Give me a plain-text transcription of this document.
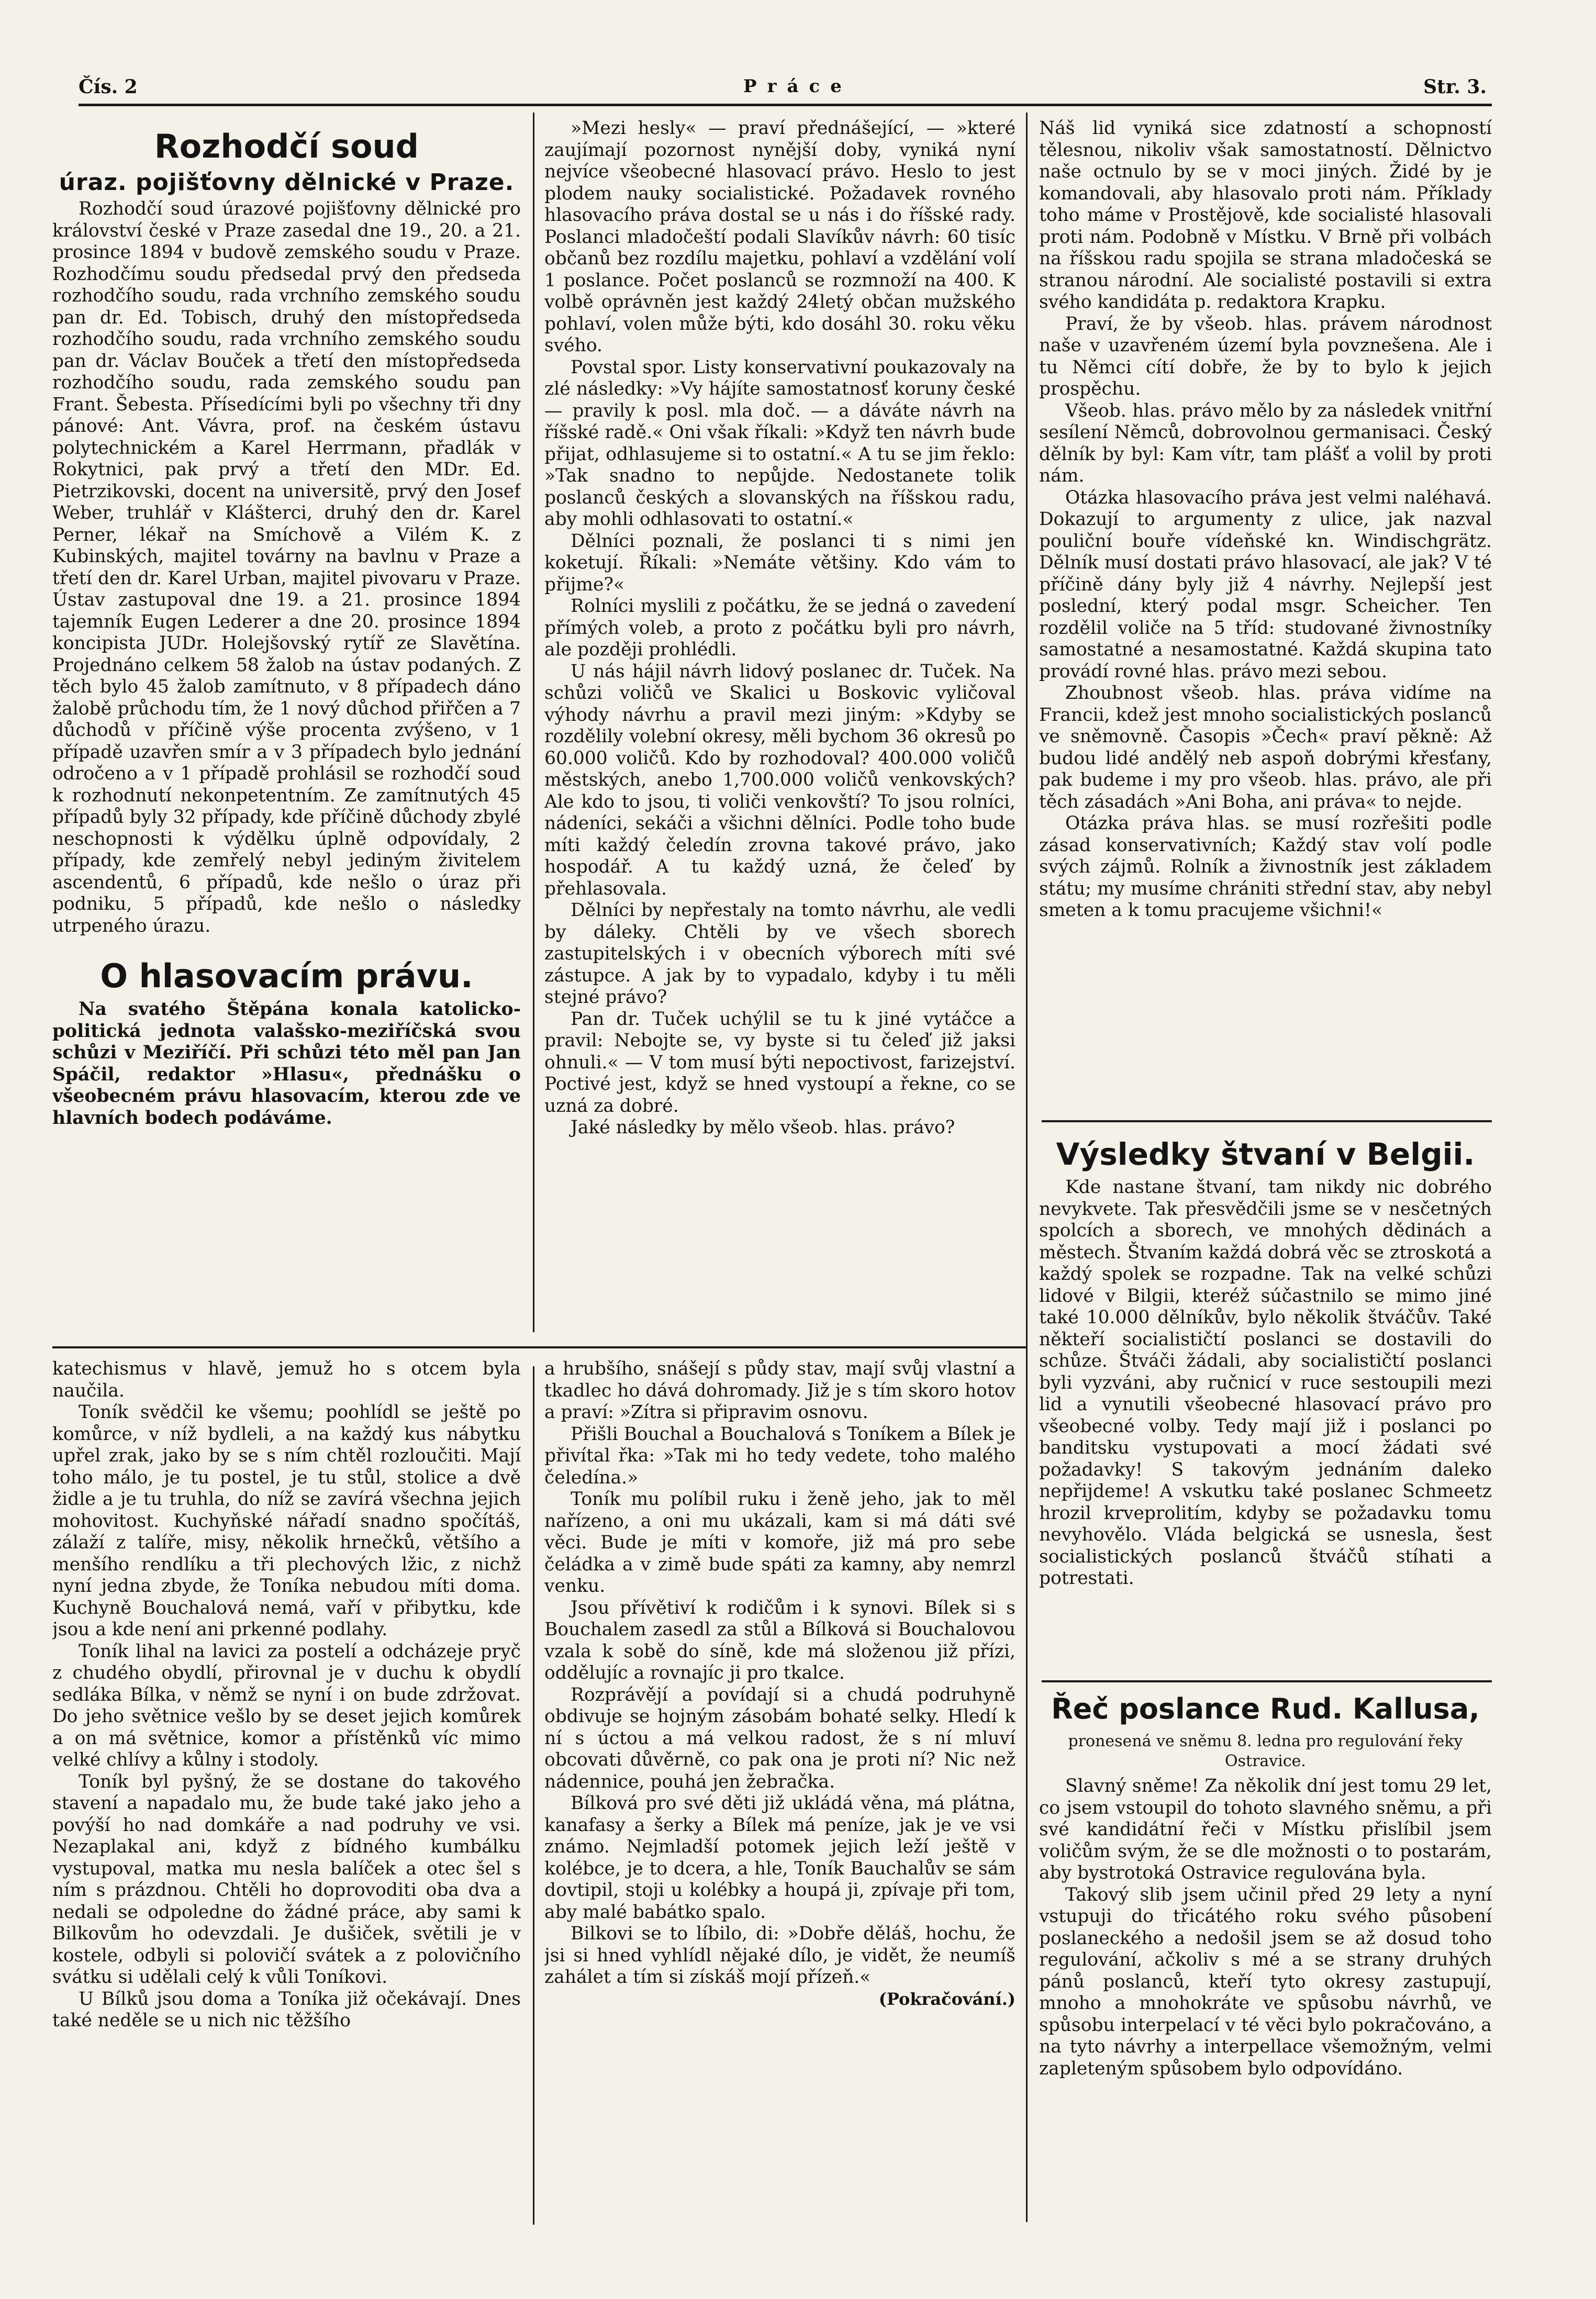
Čís. 2	Práce	Str. 3.
Rozhodčí soud
úraz. pojišťovny dělnické v Praze.

Rozhodčí soud úrazové pojišťovny dělnické pro království české v Praze zasedal dne 19., 20. a 21. prosince 1894 v budově zemského soudu v Praze. Rozhodčímu soudu předsedal prvý den předseda rozhodčího soudu, rada vrchního zemského soudu pan dr. Ed. Tobisch, druhý den místopředseda rozhodčího soudu, rada vrchního zemského soudu pan dr. Václav Bouček a třetí den místopředseda rozhodčího soudu, rada zemského soudu pan Frant. Šebesta. Přísedícími byli po všechny tři dny pánové: Ant. Vávra, prof. na českém ústavu polytechnickém a Karel Herrmann, přadlák v Rokytnici, pak prvý a třetí den MDr. Ed. Pietrzikovski, docent na universitě, prvý den Josef Weber, truhlář v Klášterci, druhý den dr. Karel Perner, lékař na Smíchově a Vilém K. z Kubinských, majitel továrny na bavlnu v Praze a třetí den dr. Karel Urban, majitel pivovaru v Praze. Ústav zastupoval dne 19. a 21. prosince 1894 tajemník Eugen Lederer a dne 20. prosince 1894 koncipista JUDr. Holejšovský rytíř ze Slavětína. Projednáno celkem 58 žalob na ústav podaných. Z těch bylo 45 žalob zamítnuto, v 8 případech dáno žalobě průchodu tím, že 1 nový důchod přiřčen a 7 důchodů v příčině výše procenta zvýšeno, v 1 případě uzavřen smír a v 3 případech bylo jednání odročeno a v 1 případě prohlásil se rozhodčí soud k rozhodnutí nekonpetentním. Ze zamítnutých 45 případů byly 32 případy, kde příčině důchody zbylé neschopnosti k výdělku úplně odpovídaly, 2 případy, kde zemřelý nebyl jediným živitelem ascendentů, 6 případů, kde nešlo o úraz při podniku, 5 případů, kde nešlo o následky utrpeného úrazu.

O hlasovacím právu.

Na svatého Štěpána konala katolicko-politická jednota valašsko-meziříčská svou schůzi v Meziříčí. Při schůzi této měl pan Jan Spáčil, redaktor »Hlasu«, přednášku o všeobecném právu hlasovacím, kterou zde ve hlavních bodech podáváme.

»Mezi hesly« — praví přednášející, — »které zaujímají pozornost nynější doby, vyniká nyní nejvíce všeobecné hlasovací právo. Heslo to jest plodem nauky socialistické. Požadavek rovného hlasovacího práva dostal se u nás i do říšské rady. Poslanci mladočeští podali Slavíkův návrh: 60 tisíc občanů bez rozdílu majetku, pohlaví a vzdělání volí 1 poslance. Počet poslanců se rozmnoží na 400. K volbě oprávněn jest každý 24letý občan mužského pohlaví, volen může býti, kdo dosáhl 30. roku věku svého.

Povstal spor. Listy konservativní poukazovaly na zlé následky: »Vy hájíte samostatnosť koruny české — pravily k posl. mla doč. — a dáváte návrh na říšské radě.« Oni však říkali: »Když ten návrh bude přijat, odhlasujeme si to ostatní.« A tu se jim řeklo: »Tak snadno to nepůjde. Nedostanete tolik poslanců českých a slovanských na říšskou radu, aby mohli odhlasovati to ostatní.«

Dělníci poznali, že poslanci ti s nimi jen koketují. Říkali: »Nemáte většiny. Kdo vám to přijme?«

Rolníci myslili z počátku, že se jedná o zavedení přímých voleb, a proto z počátku byli pro návrh, ale později prohlédli.

U nás hájil návrh lidový poslanec dr. Tuček. Na schůzi voličů ve Skalici u Boskovic vyličoval výhody návrhu a pravil mezi jiným: »Kdyby se rozdělily volební okresy, měli bychom 36 okresů po 60.000 voličů. Kdo by rozhodoval? 400.000 voličů městských, anebo 1,700.000 voličů venkovských? Ale kdo to jsou, ti voliči venkovští? To jsou rolníci, nádeníci, sekáči a všichni dělníci. Podle toho bude míti každý čeledín zrovna takové právo, jako hospodář. A tu každý uzná, že čeleď by přehlasovala.

Dělníci by nepřestaly na tomto návrhu, ale vedli by dáleky. Chtěli by ve všech sborech zastupitelských i v obecních výborech míti své zástupce. A jak by to vypadalo, kdyby i tu měli stejné právo?

Pan dr. Tuček uchýlil se tu k jiné vytáčce a pravil: Nebojte se, vy byste si tu čeleď již jaksi ohnuli.« — V tom musí býti nepoctivost, farizejství. Poctivé jest, když se hned vystoupí a řekne, co se uzná za dobré.

Jaké následky by mělo všeob. hlas. právo?

Náš lid vyniká sice zdatností a schopností tělesnou, nikoliv však samostatností. Dělnictvo naše octnulo by se v moci jiných. Židé by je komandovali, aby hlasovalo proti nám. Příklady toho máme v Prostějově, kde socialisté hlasovali proti nám. Podobně v Místku. V Brně při volbách na říšskou radu spojila se strana mladočeská se stranou národní. Ale socialisté postavili si extra svého kandidáta p. redaktora Krapku.

Praví, že by všeob. hlas. právem národnost naše v uzavřeném území byla povznešena. Ale i tu Němci cítí dobře, že by to bylo k jejich prospěchu.

Všeob. hlas. právo mělo by za následek vnitřní sesílení Němců, dobrovolnou germanisaci. Český dělník by byl: Kam vítr, tam plášť a volil by proti nám.

Otázka hlasovacího práva jest velmi naléhavá. Dokazují to argumenty z ulice, jak nazval pouliční bouře vídeňské kn. Windischgrätz. Dělník musí dostati právo hlasovací, ale jak? V té příčině dány byly již 4 návrhy. Nejlepší jest poslední, který podal msgr. Scheicher. Ten rozdělil voliče na 5 tříd: studované živnostníky samostatné a nesamostatné. Každá skupina tato provádí rovné hlas. právo mezi sebou.

Zhoubnost všeob. hlas. práva vidíme na Francii, kdež jest mnoho socialistických poslanců ve sněmovně. Časopis »Čech« praví pěkně: Až budou lidé andělý neb aspoň dobrými křesťany, pak budeme i my pro všeob. hlas. právo, ale při těch zásadách »Ani Boha, ani práva« to nejde.

Otázka práva hlas. se musí rozřešiti podle zásad konservativních; Každý stav volí podle svých zájmů. Rolník a živnostník jest základem státu; my musíme chrániti střední stav, aby nebyl smeten a k tomu pracujeme všichni!«

Výsledky štvaní v Belgii.

Kde nastane štvaní, tam nikdy nic dobrého nevykvete. Tak přesvědčili jsme se v nesčetných spolcích a sborech, ve mnohých dědinách a městech. Štvaním každá dobrá věc se ztroskotá a každý spolek se rozpadne. Tak na velké schůzi lidové v Bilgii, kteréž súčastnilo se mimo jiné také 10.000 dělníkův, bylo několik štváčův. Také někteří socialističtí poslanci se dostavili do schůze. Štváči žádali, aby socialističtí poslanci byli vyzváni, aby ručnicí v ruce sestoupili mezi lid a vynutili všeobecné hlasovací právo pro všeobecné volby. Tedy mají již i poslanci po banditsku vystupovati a mocí žádati své požadavky! S takovým jednáním daleko nepřijdeme! A vskutku také poslanec Schmeetz hrozil krveprolitím, kdyby se požadavku tomu nevyhovělo. Vláda belgická se usnesla, šest socialistických poslanců štváčů stíhati a potrestati.

katechismus v hlavě, jemuž ho s otcem byla naučila.

Toník svědčil ke všemu; poohlídl se ještě po komůrce, v níž bydleli, a na každý kus nábytku upřel zrak, jako by se s ním chtěl rozloučiti. Mají toho málo, je tu postel, je tu stůl, stolice a dvě židle a je tu truhla, do níž se zavírá všechna jejich mohovitost. Kuchyňské nářadí snadno spočítáš, zálaží z talíře, misy, několik hrnečků, většího a menšího rendlíku a tři plechových lžic, z nichž nyní jedna zbyde, že Toníka nebudou míti doma. Kuchyně Bouchalová nemá, vaří v přibytku, kde jsou a kde není ani prkenné podlahy.

Toník lihal na lavici za postelí a odcházeje pryč z chudého obydlí, přirovnal je v duchu k obydlí sedláka Bílka, v němž se nyní i on bude zdržovat. Do jeho světnice vešlo by se deset jejich komůrek a on má světnice, komor a přístěnků víc mimo velké chlívy a kůlny i stodoly.

Toník byl pyšný, že se dostane do takového stavení a napadalo mu, že bude také jako jeho a povýší ho nad domkáře a nad podruhy ve vsi. Nezaplakal ani, když z bídného kumbálku vystupoval, matka mu nesla balíček a otec šel s ním s prázdnou. Chtěli ho doprovoditi oba dva a nedali se odpoledne do žádné práce, aby sami k Bilkovům ho odevzdali. Je dušiček, světili je v kostele, odbyli si polovičí svátek a z polovičního svátku si udělali celý k vůli Toníkovi.

U Bílků jsou doma a Toníka již očekávají. Dnes také neděle se u nich nic těžšího

a hrubšího, snášejí s půdy stav, mají svůj vlastní a tkadlec ho dává dohromady. Již je s tím skoro hotov a praví: »Zítra si připravim osnovu.

Přišli Bouchal a Bouchalová s Toníkem a Bílek je přivítal řka: »Tak mi ho tedy vedete, toho malého čeledína.»

Toník mu políbil ruku i ženě jeho, jak to měl nařízeno, a oni mu ukázali, kam si má dáti své věci. Bude je míti v komoře, již má pro sebe čeládka a v zimě bude spáti za kamny, aby nemrzl venku.

Jsou přívětiví k rodičům i k synovi. Bílek si s Bouchalem zasedl za stůl a Bílková si Bouchalovou vzala k sobě do síně, kde má složenou již přízi, oddělujíc a rovnajíc ji pro tkalce.

Rozprávějí a povídají si a chudá podruhyně obdivuje se hojným zásobám bohaté selky. Hledí k ní s úctou a má velkou radost, že s ní mluví obcovati důvěrně, co pak ona je proti ní? Nic než nádennice, pouhá jen žebračka.

Bílková pro své děti již ukládá věna, má plátna, kanafasy a šerky a Bílek má peníze, jak je ve vsi známo. Nejmladší potomek jejich leží ještě v kolébce, je to dcera, a hle, Toník Bauchalův se sám dovtipil, stoji u kolébky a houpá ji, zpívaje při tom, aby malé babátko spalo.

Bilkovi se to líbilo, di: »Dobře děláš, hochu, že jsi si hned vyhlídl nějaké dílo, je vidět, že neumíš zahálet a tím si získáš mojí přízeň.«

(Pokračování.)
Řeč poslance Rud. Kallusa,
pronesená ve sněmu 8. ledna pro regulování řeky Ostravice.

Slavný sněme! Za několik dní jest tomu 29 let, co jsem vstoupil do tohoto slavného sněmu, a při své kandidátní řeči v Místku přislíbil jsem voličům svým, že se dle možnosti o to postarám, aby bystrotoká Ostravice regulována byla.

Takový slib jsem učinil před 29 lety a nyní vstupuji do třicátého roku svého působení poslaneckého a nedošil jsem se až dosud toho regulování, ačkoliv s mé a se strany druhých pánů poslanců, kteří tyto okresy zastupují, mnoho a mnohokráte ve spůsobu návrhů, ve spůsobu interpelací v té věci bylo pokračováno, a na tyto návrhy a interpellace všemožným, velmi zapleteným spůsobem bylo odpovídáno.
